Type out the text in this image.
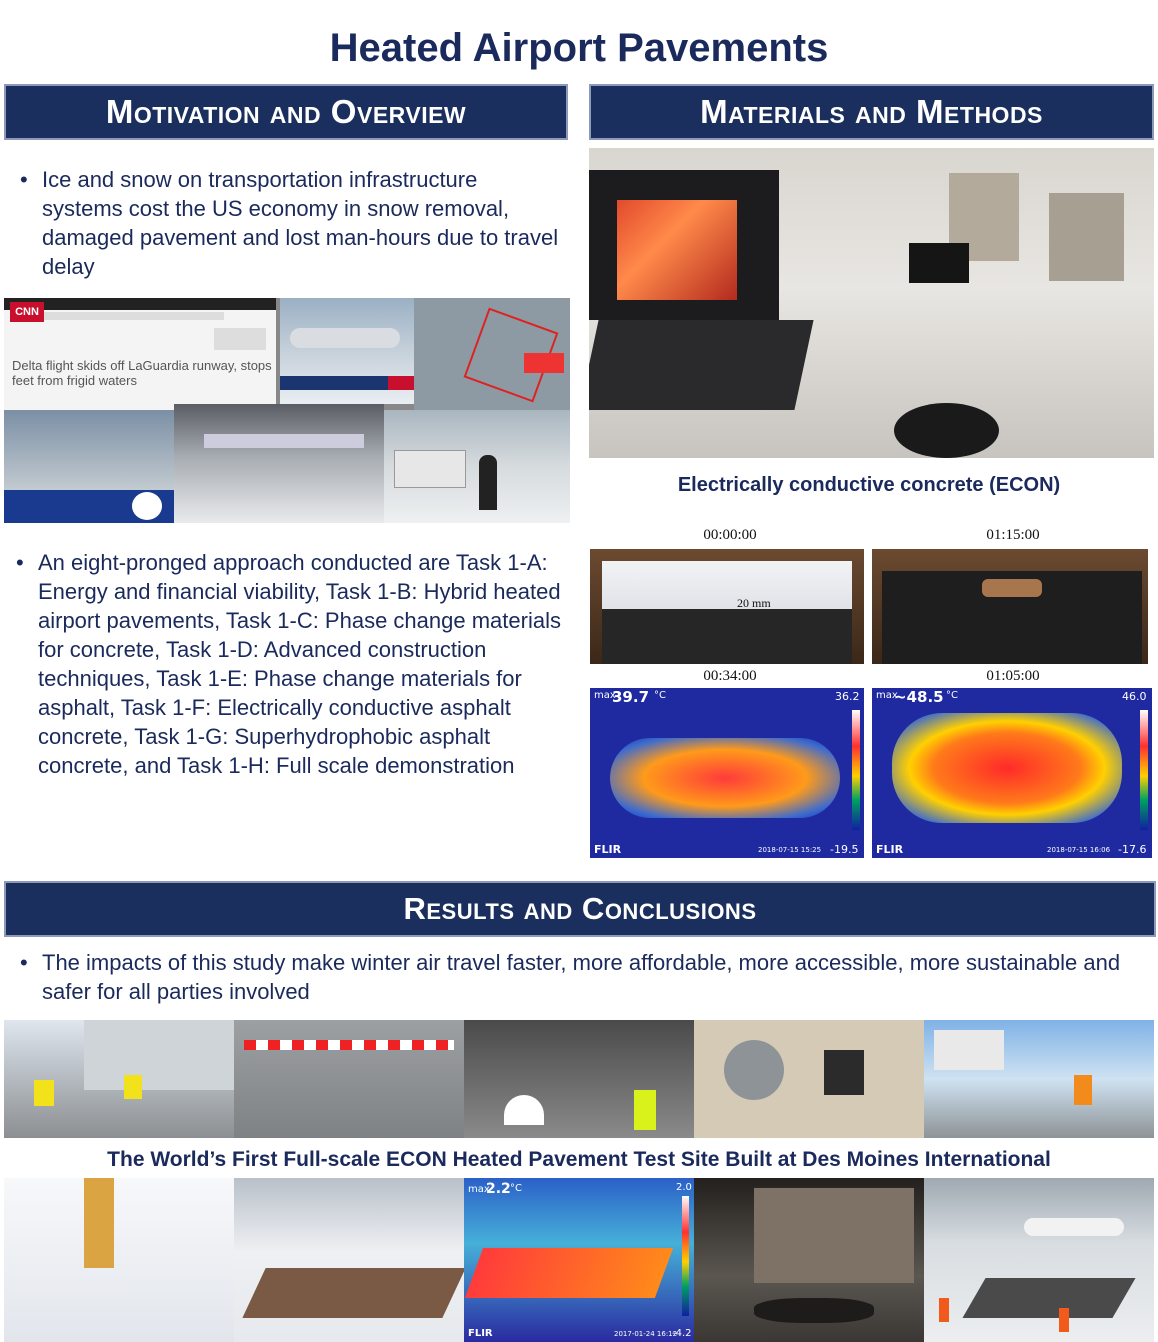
Heated Airport Pavements
Motivation and Overview	Materials and Methods
• Ice and snow on transportation infrastructure systems cost the US economy in snow removal, damaged pavement and lost man-hours due to travel delay
CNN
Delta flight skids off LaGuardia runway, stops feet from frigid waters
• An eight-pronged approach conducted are Task 1-A: Energy and financial viability, Task 1-B: Hybrid heated airport pavements, Task 1-C: Phase change materials for concrete, Task 1-D: Advanced construction techniques, Task 1-E: Phase change materials for asphalt, Task 1-F: Electrically conductive asphalt concrete, Task 1-G: Superhydrophobic asphalt concrete, and Task 1-H: Full scale demonstration
Electrically conductive concrete (ECON)
00:00:00	01:15:00
20 mm
00:34:00	01:05:00
max
39.7 °C	36.2
-19.5
FLIR	2018-07-15 15:25
max
~48.5 °C	46.0
-17.6
FLIR	2018-07-15 16:06
Results and Conclusions
• The impacts of this study make winter air travel faster, more affordable, more accessible, more sustainable and safer for all parties involved
The World’s First Full-scale ECON Heated Pavement Test Site Built at Des Moines International
max
2.2 °C	2.0
-4.2
FLIR	2017-01-24 16:12
